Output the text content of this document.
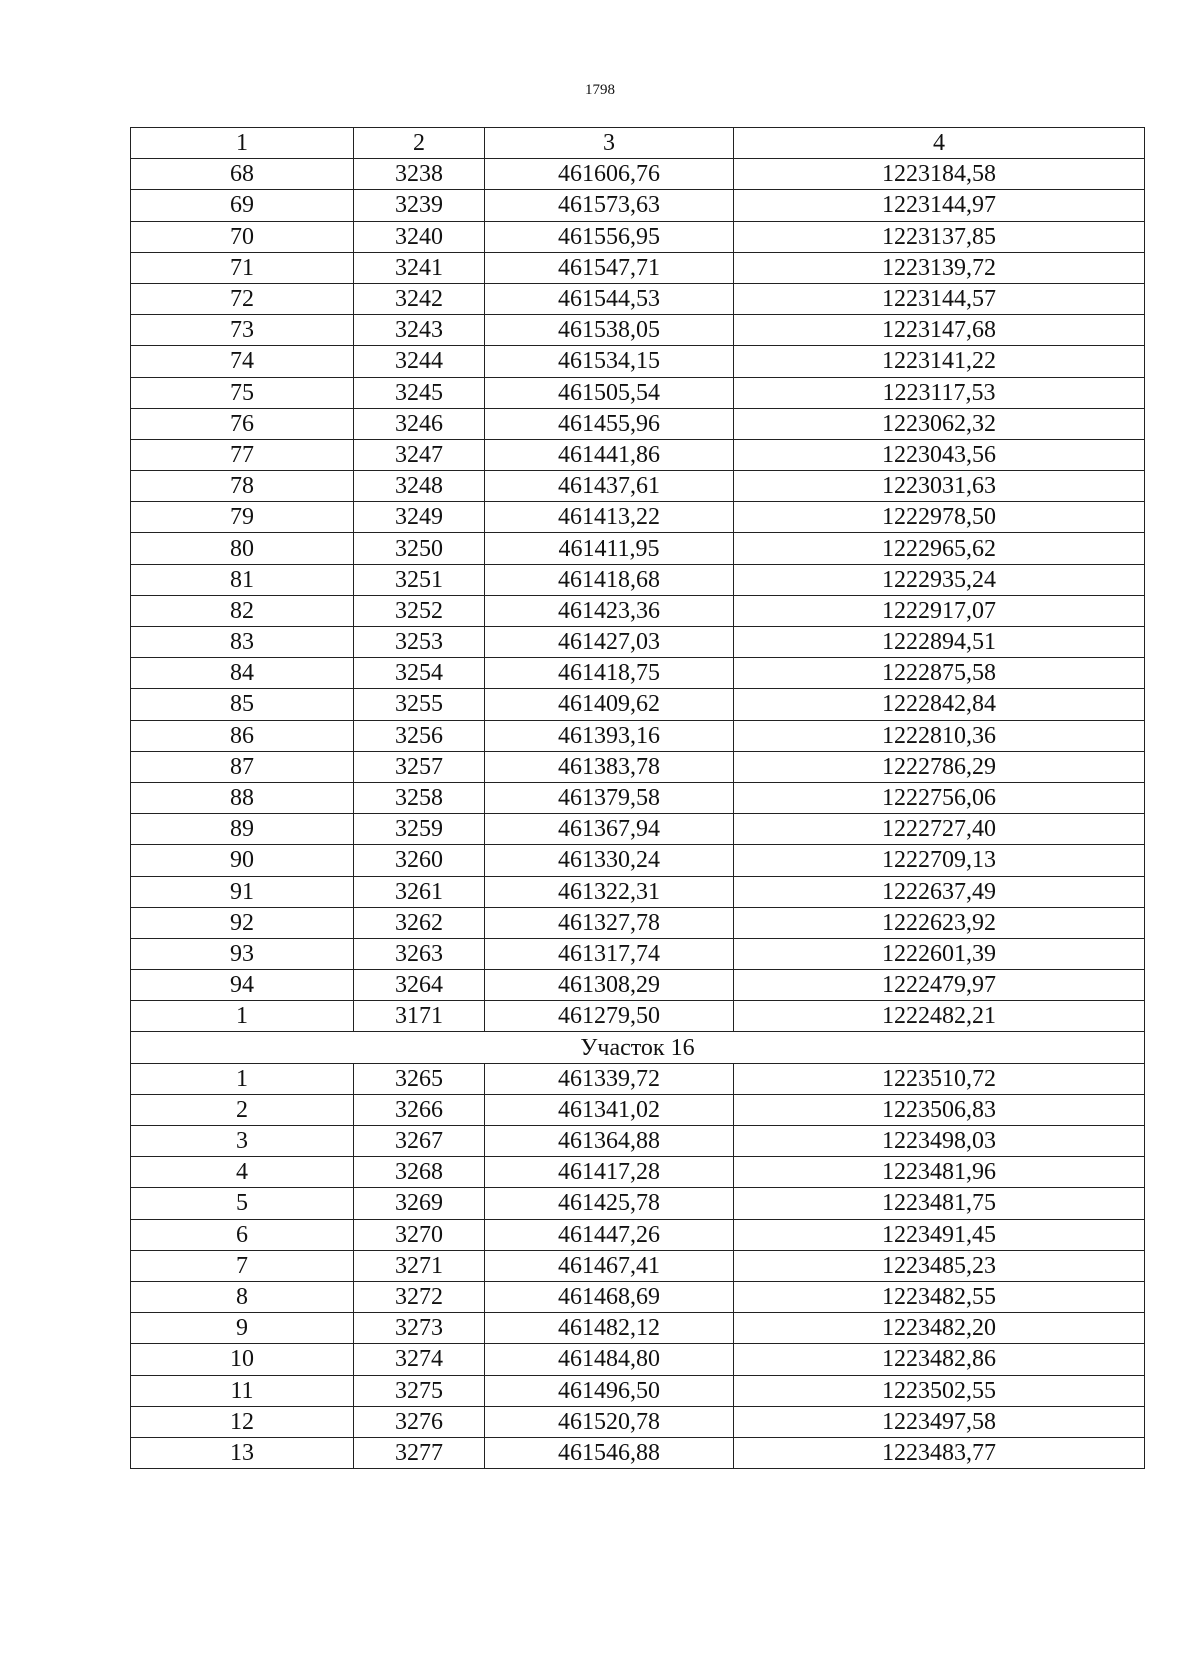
1798
1	2	3	4
68	3238	461606,76	1223184,58
69	3239	461573,63	1223144,97
70	3240	461556,95	1223137,85
71	3241	461547,71	1223139,72
72	3242	461544,53	1223144,57
73	3243	461538,05	1223147,68
74	3244	461534,15	1223141,22
75	3245	461505,54	1223117,53
76	3246	461455,96	1223062,32
77	3247	461441,86	1223043,56
78	3248	461437,61	1223031,63
79	3249	461413,22	1222978,50
80	3250	461411,95	1222965,62
81	3251	461418,68	1222935,24
82	3252	461423,36	1222917,07
83	3253	461427,03	1222894,51
84	3254	461418,75	1222875,58
85	3255	461409,62	1222842,84
86	3256	461393,16	1222810,36
87	3257	461383,78	1222786,29
88	3258	461379,58	1222756,06
89	3259	461367,94	1222727,40
90	3260	461330,24	1222709,13
91	3261	461322,31	1222637,49
92	3262	461327,78	1222623,92
93	3263	461317,74	1222601,39
94	3264	461308,29	1222479,97
1	3171	461279,50	1222482,21
Участок 16			
1	3265	461339,72	1223510,72
2	3266	461341,02	1223506,83
3	3267	461364,88	1223498,03
4	3268	461417,28	1223481,96
5	3269	461425,78	1223481,75
6	3270	461447,26	1223491,45
7	3271	461467,41	1223485,23
8	3272	461468,69	1223482,55
9	3273	461482,12	1223482,20
10	3274	461484,80	1223482,86
11	3275	461496,50	1223502,55
12	3276	461520,78	1223497,58
13	3277	461546,88	1223483,77
